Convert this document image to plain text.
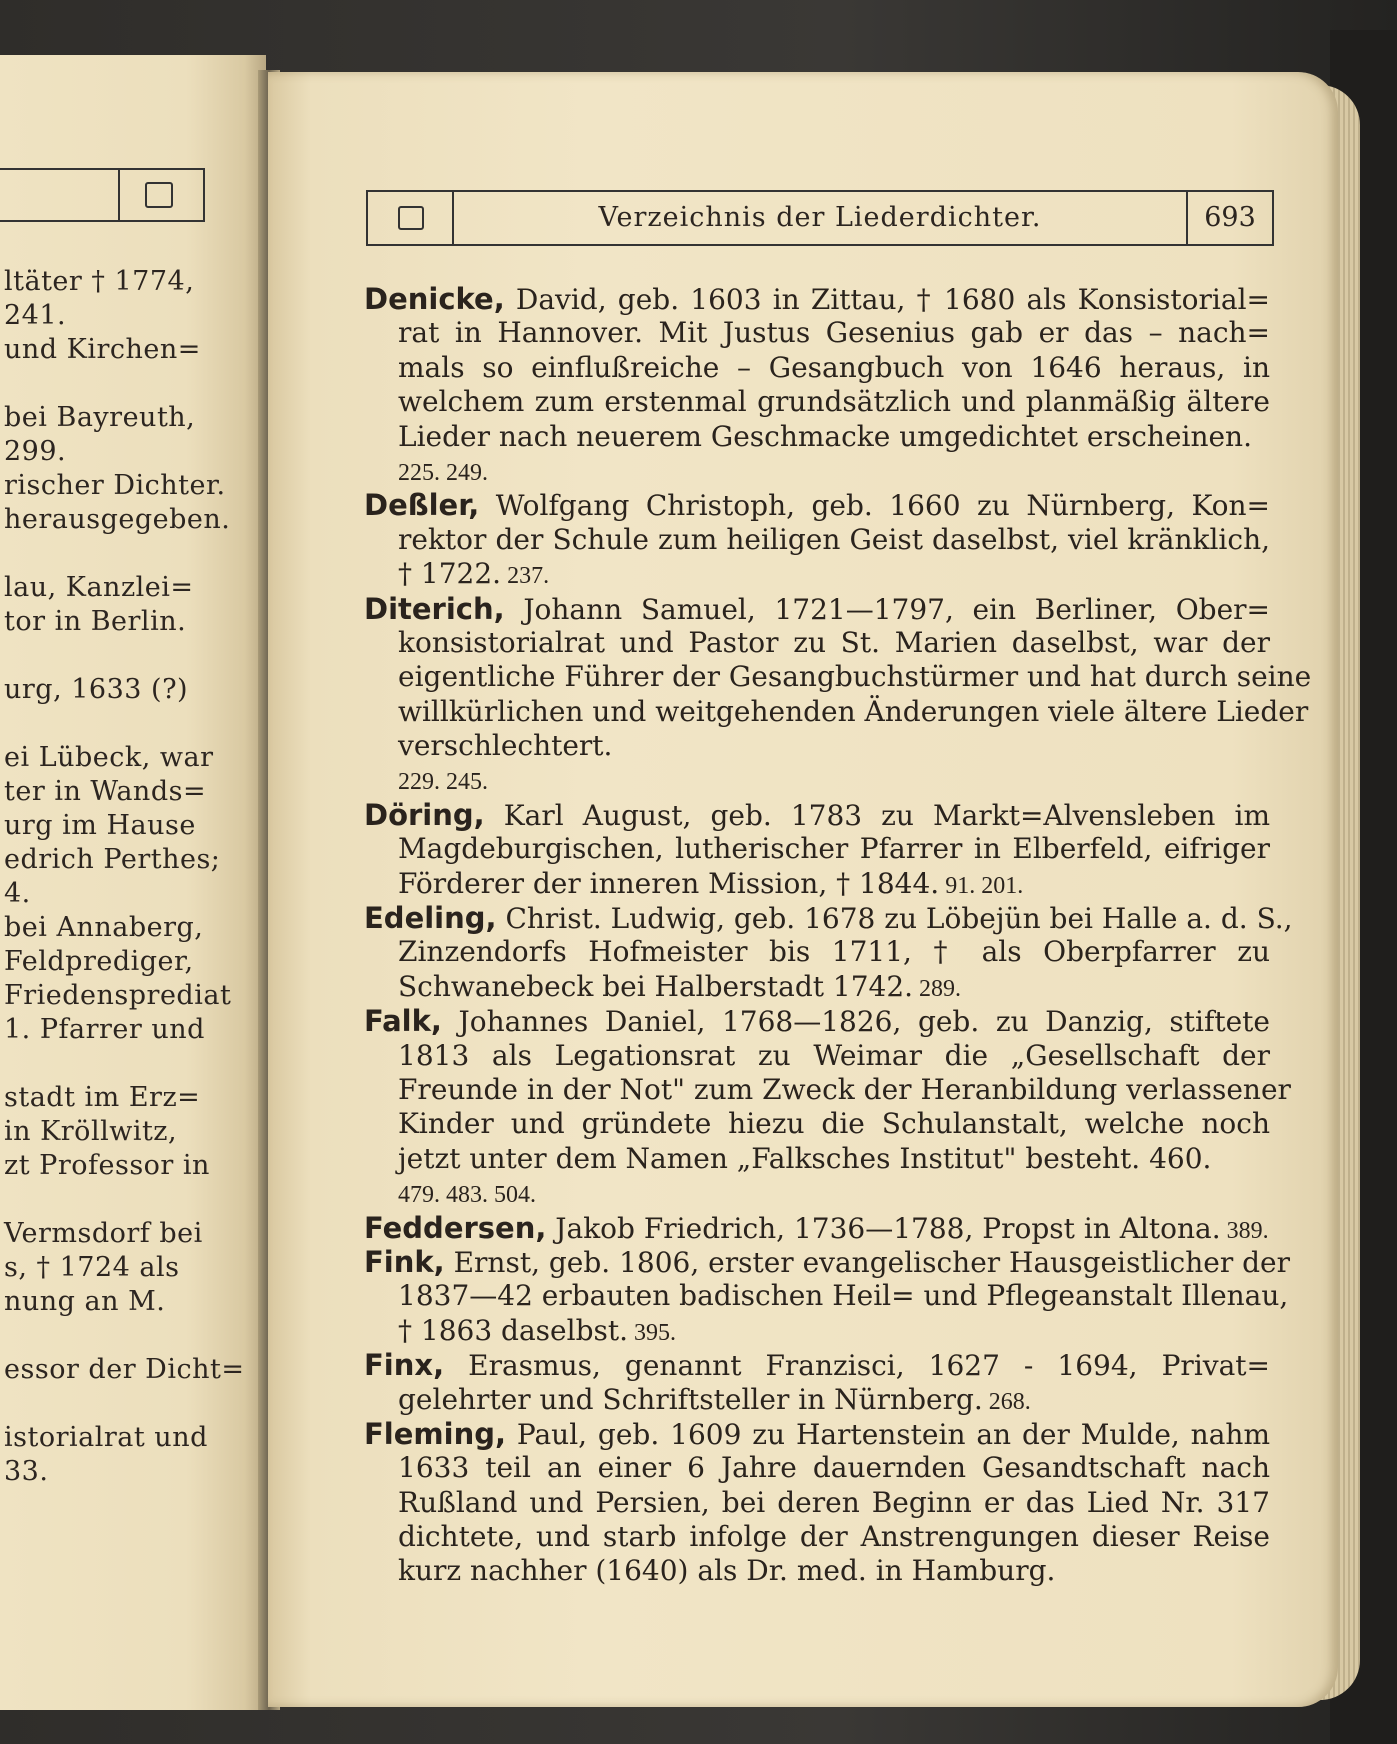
ltäter † 1774,
241.
und Kirchen=
bei Bayreuth,
299.
rischer Dichter.
herausgegeben.
lau, Kanzlei=
tor in Berlin.
urg, 1633 (?)
ei Lübeck, war
ter in Wands=
urg im Hause
edrich Perthes;
4.
bei Annaberg,
Feldprediger,
Friedensprediat
1. Pfarrer und
stadt im Erz=
in Kröllwitz,
zt Professor in
Vermsdorf bei
s, † 1724 als
nung an M.
essor der Dicht=
istorialrat und
33.
Verzeichnis der Liederdichter.	693
Denicke, David, geb. 1603 in Zittau, † 1680 als Konsistorial=
rat in Hannover. Mit Justus Gesenius gab er das – nach=
mals so einflußreiche – Gesangbuch von 1646 heraus, in
welchem zum erstenmal grundsätzlich und planmäßig ältere
Lieder nach neuerem Geschmacke umgedichtet erscheinen.
225. 249.
Deßler, Wolfgang Christoph, geb. 1660 zu Nürnberg, Kon=
rektor der Schule zum heiligen Geist daselbst, viel kränklich,
† 1722. 237.
Diterich, Johann Samuel, 1721—1797, ein Berliner, Ober=
konsistorialrat und Pastor zu St. Marien daselbst, war der
eigentliche Führer der Gesangbuchstürmer und hat durch seine
willkürlichen und weitgehenden Änderungen viele ältere Lieder
verschlechtert.
229. 245.
Döring, Karl August, geb. 1783 zu Markt=Alvensleben im
Magdeburgischen, lutherischer Pfarrer in Elberfeld, eifriger
Förderer der inneren Mission, † 1844. 91. 201.
Edeling, Christ. Ludwig, geb. 1678 zu Löbejün bei Halle a. d. S.,
Zinzendorfs Hofmeister bis 1711, † als Oberpfarrer zu
Schwanebeck bei Halberstadt 1742. 289.
Falk, Johannes Daniel, 1768—1826, geb. zu Danzig, stiftete
1813 als Legationsrat zu Weimar die „Gesellschaft der
Freunde in der Not" zum Zweck der Heranbildung verlassener
Kinder und gründete hiezu die Schulanstalt, welche noch
jetzt unter dem Namen „Falksches Institut" besteht. 460.
479. 483. 504.
Feddersen, Jakob Friedrich, 1736—1788, Propst in Altona. 389.
Fink, Ernst, geb. 1806, erster evangelischer Hausgeistlicher der
1837—42 erbauten badischen Heil= und Pflegeanstalt Illenau,
† 1863 daselbst. 395.
Finx, Erasmus, genannt Franzisci, 1627 - 1694, Privat=
gelehrter und Schriftsteller in Nürnberg. 268.
Fleming, Paul, geb. 1609 zu Hartenstein an der Mulde, nahm
1633 teil an einer 6 Jahre dauernden Gesandtschaft nach
Rußland und Persien, bei deren Beginn er das Lied Nr. 317
dichtete, und starb infolge der Anstrengungen dieser Reise
kurz nachher (1640) als Dr. med. in Hamburg.
